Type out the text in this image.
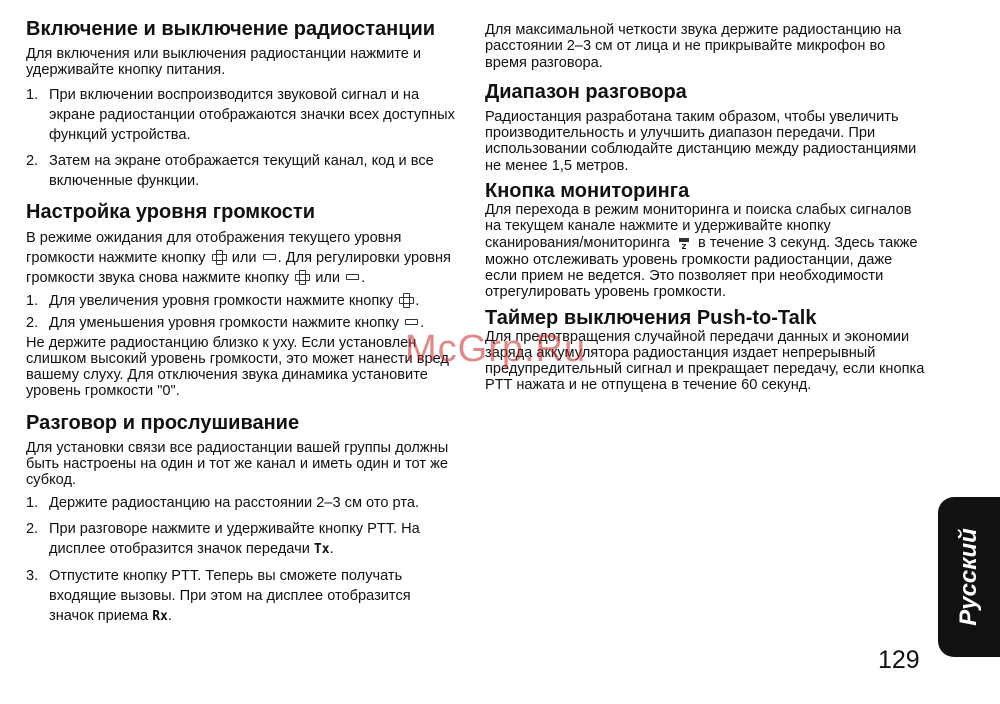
Включение и выключение радиостанции

Для включения или выключения радиостанции нажмите и удерживайте кнопку питания.

1. При включении воспроизводится звуковой сигнал и на экране радиостанции отображаются значки всех доступных функций устройства.
2. Затем на экране отображается текущий канал, код и все включенные функции.
Настройка уровня громкости

В режиме ожидания для отображения текущего уровня громкости нажмите кнопку или . Для регулировки уровня громкости звука снова нажмите кнопку или .

1. Для увеличения уровня громкости нажмите кнопку .
2. Для уменьшения уровня громкости нажмите кнопку .

Не держите радиостанцию близко к уху. Если установлен слишком высокий уровень громкости, это может нанести вред вашему слуху. Для отключения звука динамика установите уровень громкости "0".

Разговор и прослушивание

Для установки связи все радиостанции вашей группы должны быть настроены на один и тот же канал и иметь один и тот же субкод.

1. Держите радиостанцию на расстоянии 2–3 см ото рта.
2. При разговоре нажмите и удерживайте кнопку PTT. На дисплее отобразится значок передачи Tx.
3. Отпустите кнопку PTT. Теперь вы сможете получать входящие вызовы. При этом на дисплее отобразится значок приема Rx.

Для максимальной четкости звука держите радиостанцию на расстоянии 2–3 см от лица и не прикрывайте микрофон во время разговора.

Диапазон разговора

Радиостанция разработана таким образом, чтобы увеличить производительность и улучшить диапазон передачи. При использовании соблюдайте дистанцию между радиостанциями не менее 1,5 метров.

Кнопка мониторинга

Для перехода в режим мониторинга и поиска слабых сигналов на текущем канале нажмите и удерживайте кнопку сканирования/мониторинга z в течение 3 секунд. Здесь также можно отслеживать уровень громкости радиостанции, даже если прием не ведется. Это позволяет при необходимости отрегулировать уровень громкости.

Таймер выключения Push-to-Talk

Для предотвращения случайной передачи данных и экономии заряда аккумулятора радиостанция издает непрерывный предупредительный сигнал и прекращает передачу, если кнопка PTT нажата и не отпущена в течение 60 секунд.

McGrp.Ru
Русский
129
